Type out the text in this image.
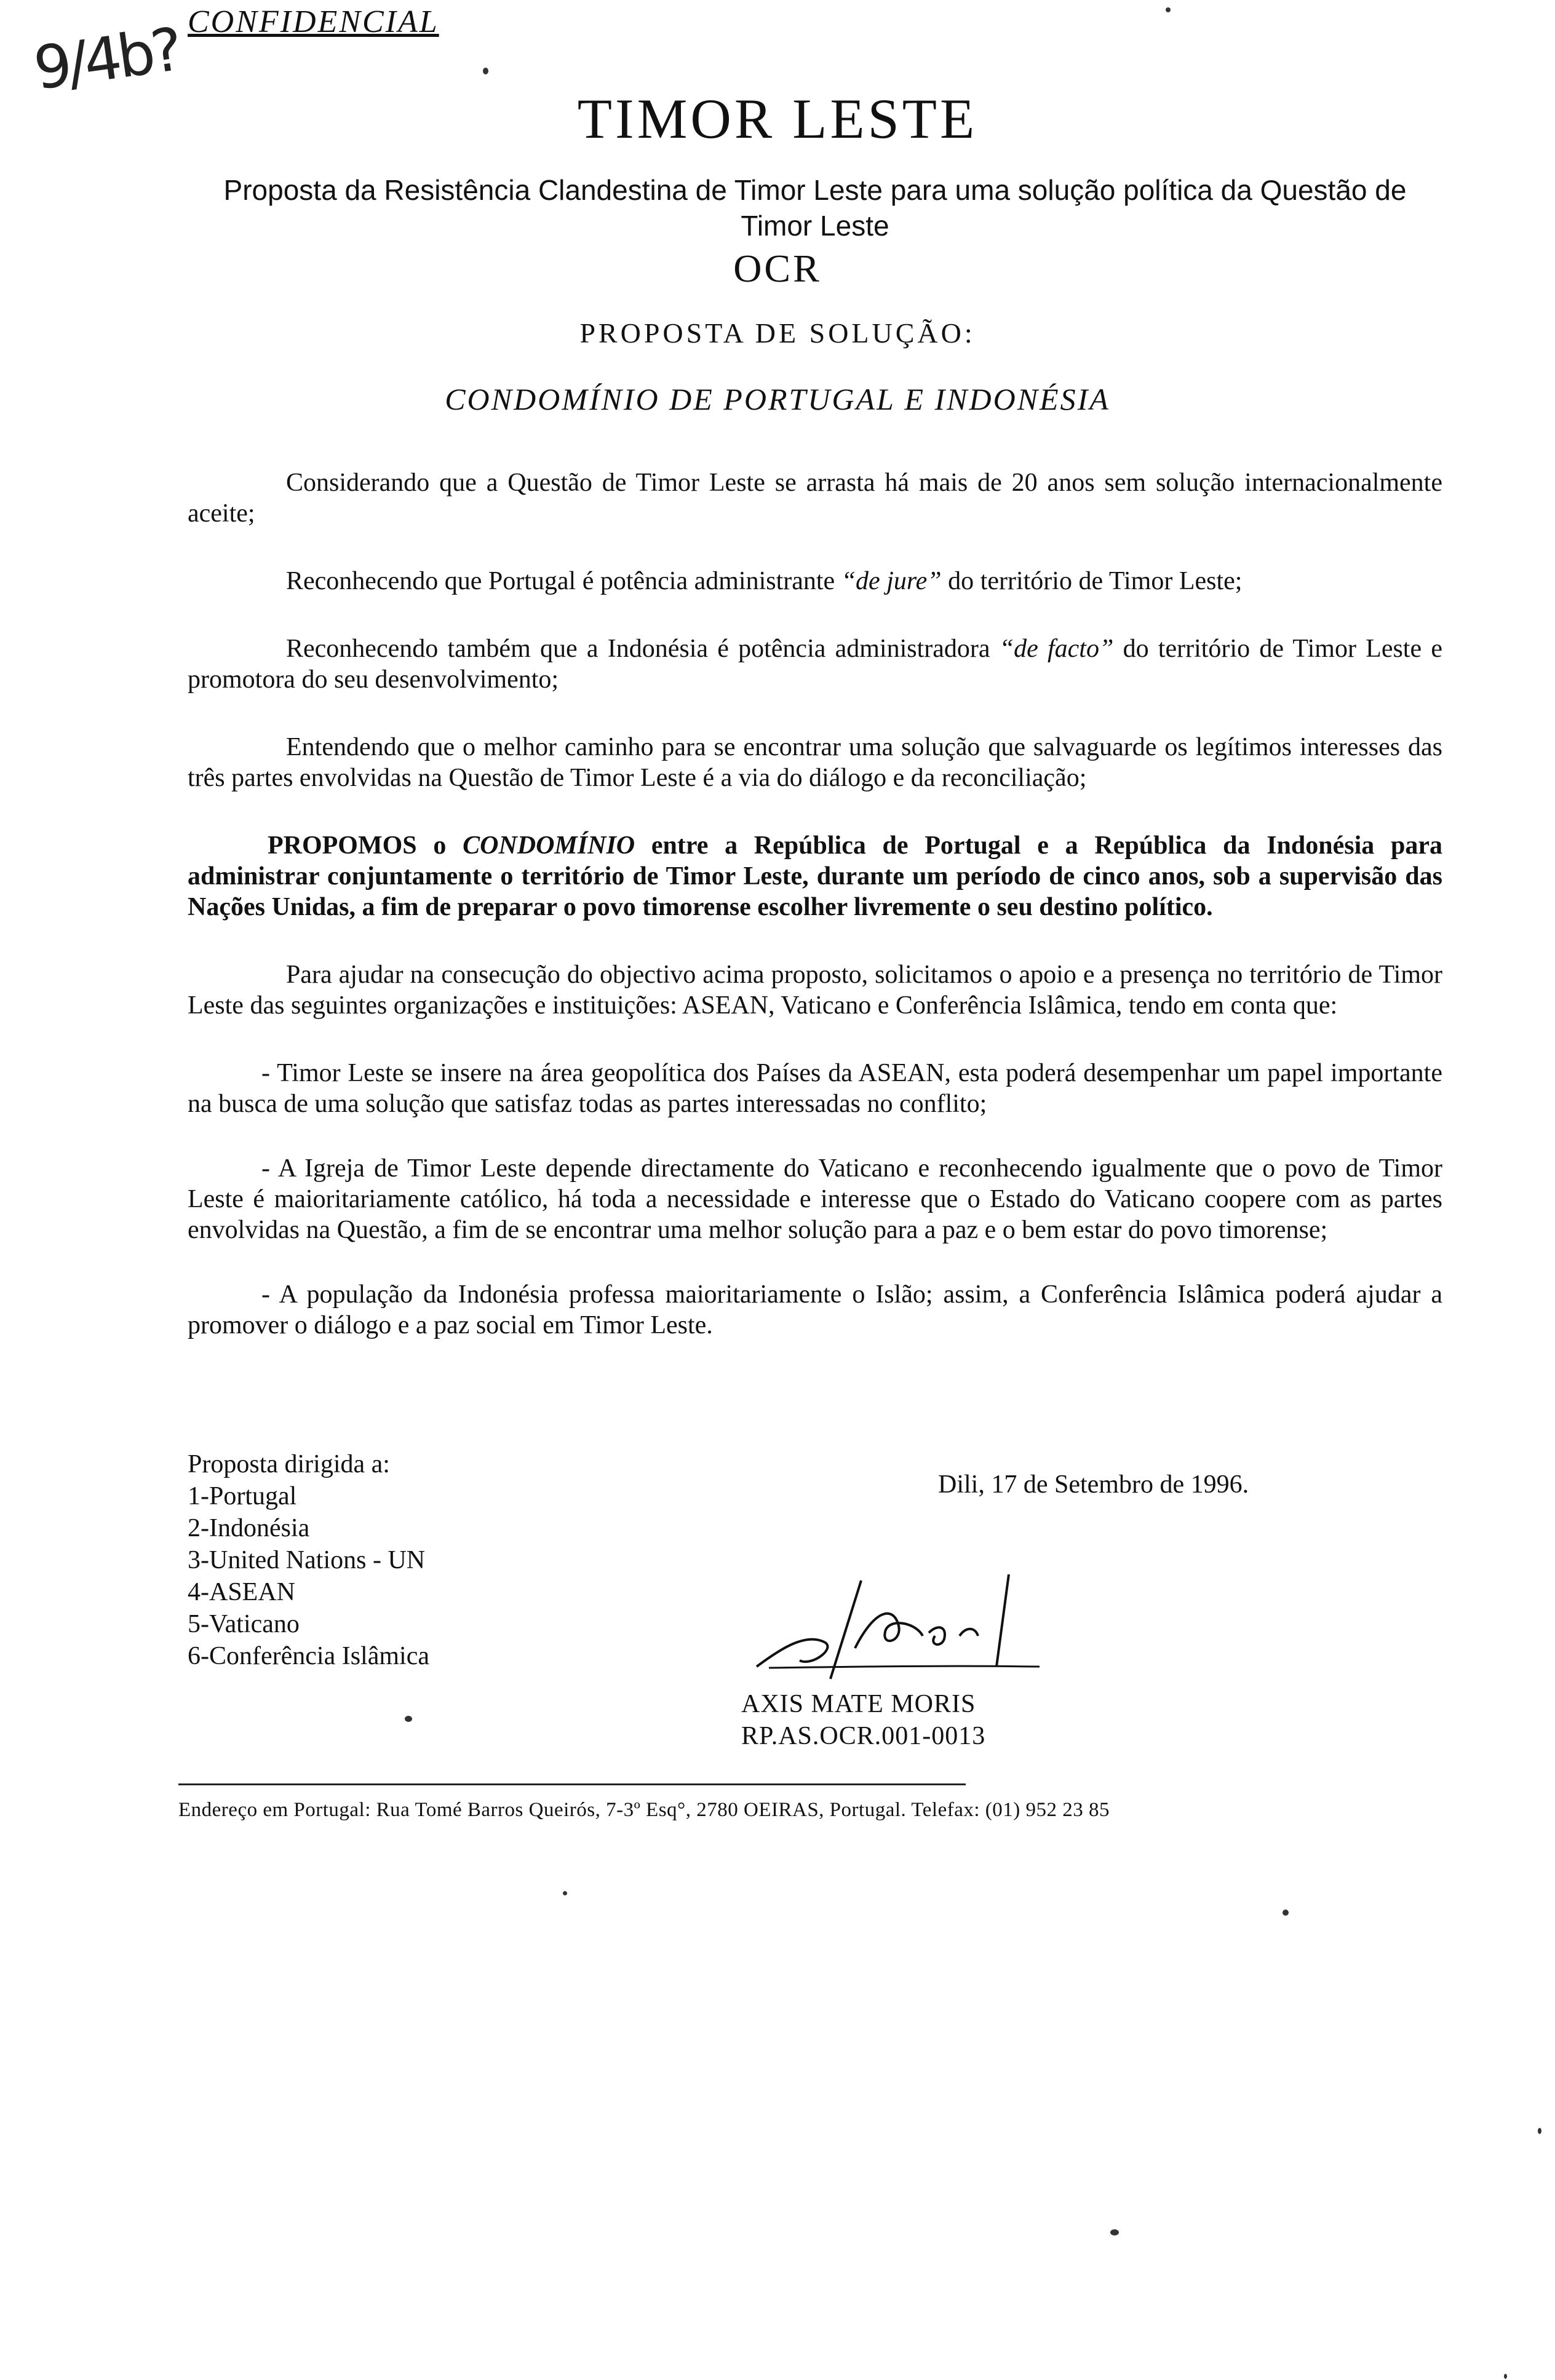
CONFIDENCIAL
9/4b?
TIMOR LESTE
Proposta da Resistência Clandestina de Timor Leste para uma solução política da Questão de Timor Leste
OCR
PROPOSTA DE SOLUÇÃO:
CONDOMÍNIO DE PORTUGAL E INDONÉSIA

Considerando que a Questão de Timor Leste se arrasta há mais de 20 anos sem solução internacionalmente aceite;

Reconhecendo que Portugal é potência administrante “de jure” do território de Timor Leste;

Reconhecendo também que a Indonésia é potência administradora “de facto” do território de Timor Leste e promotora do seu desenvolvimento;

Entendendo que o melhor caminho para se encontrar uma solução que salvaguarde os legítimos interesses das três partes envolvidas na Questão de Timor Leste é a via do diálogo e da reconciliação;

PROPOMOS o CONDOMÍNIO entre a República de Portugal e a República da Indonésia para administrar conjuntamente o território de Timor Leste, durante um período de cinco anos, sob a supervisão das Nações Unidas, a fim de preparar o povo timorense escolher livremente o seu destino político.

Para ajudar na consecução do objectivo acima proposto, solicitamos o apoio e a presença no território de Timor Leste das seguintes organizações e instituições: ASEAN, Vaticano e Conferência Islâmica, tendo em conta que:

- Timor Leste se insere na área geopolítica dos Países da ASEAN, esta poderá desempenhar um papel importante na busca de uma solução que satisfaz todas as partes interessadas no conflito;

- A Igreja de Timor Leste depende directamente do Vaticano e reconhecendo igualmente que o povo de Timor Leste é maioritariamente católico, há toda a necessidade e interesse que o Estado do Vaticano coopere com as partes envolvidas na Questão, a fim de se encontrar uma melhor solução para a paz e o bem estar do povo timorense;

- A população da Indonésia professa maioritariamente o Islão; assim, a Conferência Islâmica poderá ajudar a promover o diálogo e a paz social em Timor Leste.

Proposta dirigida a:
1-Portugal
2-Indonésia
3-United Nations - UN
4-ASEAN
5-Vaticano
6-Conferência Islâmica
Dili, 17 de Setembro de 1996.
AXIS MATE MORIS
RP.AS.OCR.001-0013
Endereço em Portugal: Rua Tomé Barros Queirós, 7-3º Esq°, 2780 OEIRAS, Portugal. Telefax: (01) 952 23 85
